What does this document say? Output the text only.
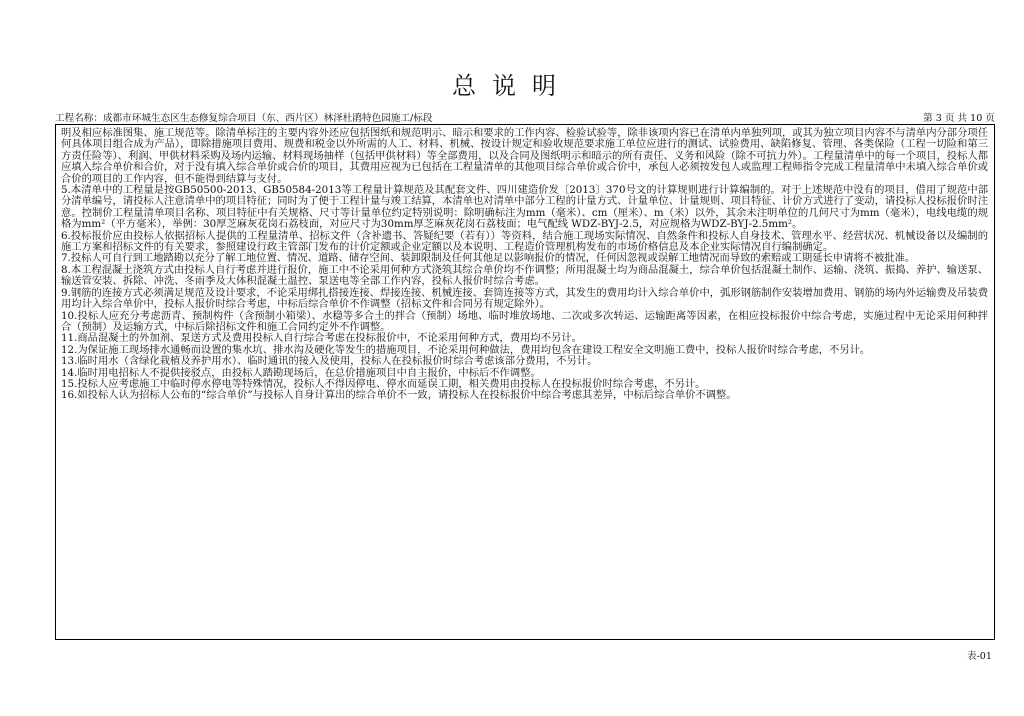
总说明
工程名称：成都市环城生态区生态修复综合项目（东、西片区）林泽杜鹃特色园施工/标段	第 3 页 共 10 页

明及相应标准图集、施工规范等。除清单标注的主要内容外还应包括图纸和规范明示、暗示和要求的工作内容、检验试验等，除非该项内容已在清单内单独列项，或其为独立项目内容不与清单内分部分项任何具体项目组合成为产品），即除措施项目费用、规费和税金以外所需的人工、材料、机械、按设计规定和验收规范要求施工单位应进行的测试、试验费用、缺陷修复、管理、各类保险（工程一切险和第三方责任险等）、利润、甲供材料采购及场内运输、材料现场抽样（包括甲供材料）等全部费用，以及合同及图纸明示和暗示的所有责任、义务和风险（除不可抗力外）。工程量清单中的每一个项目，投标人都应填入综合单价和合价，对于没有填入综合单价或合价的项目，其费用应视为已包括在工程量清单的其他项目综合单价或合价中，承包人必须按发包人或监理工程师指令完成工程量清单中未填入综合单价或合价的项目的工作内容，但不能得到结算与支付。

5.本清单中的工程量是按GB50500-2013、GB50584-2013等工程量计算规范及其配套文件、四川建造价发〔2013〕370号文的计算规则进行计算编制的。对于上述规范中没有的项目，借用了规范中部分清单编号，请投标人注意清单中的项目特征；同时为了便于工程计量与竣工结算，本清单也对清单中部分工程的计量方式、计量单位、计量规则、项目特征、计价方式进行了变动，请投标人投标报价时注意。控制价工程量清单项目名称、项目特征中有关规格、尺寸等计量单位约定特别说明：除明确标注为mm（毫米）、cm（厘米）、m（米）以外，其余未注明单位的几何尺寸为mm（毫米），电线电缆的规格为mm²（平方毫米），举例：30厚芝麻灰花岗石荔枝面，对应尺寸为30mm厚芝麻灰花岗石荔枝面；电气配线 WDZ-BYJ-2.5，对应规格为WDZ-BYJ-2.5mm²。

6.投标报价应由投标人依据招标人提供的工程量清单、招标文件（含补遗书、答疑纪要（若有））等资料，结合施工现场实际情况、自然条件和投标人自身技术、管理水平、经营状况、机械设备以及编制的施工方案和招标文件的有关要求，参照建设行政主管部门发布的计价定额或企业定额以及本说明、工程造价管理机构发布的市场价格信息及本企业实际情况自行编制确定。

7.投标人可自行到工地踏勘以充分了解工地位置、情况、道路、储存空间、装卸限制及任何其他足以影响报价的情况，任何因忽视或误解工地情况而导致的索赔或工期延长申请将不被批准。

8.本工程混凝土浇筑方式由投标人自行考虑并进行报价，施工中不论采用何种方式浇筑其综合单价均不作调整；所用混凝土均为商品混凝土，综合单价包括混凝土制作、运输、浇筑、振捣、养护、输送泵、输送管安装、拆除、冲洗、冬雨季及大体积混凝土温控、泵送电等全部工作内容，投标人报价时综合考虑。

9.钢筋的连接方式必须满足规范及设计要求，不论采用绑扎搭接连接、焊接连接、机械连接、套筒连接等方式，其发生的费用均计入综合单价中，弧形钢筋制作安装增加费用、钢筋的场内外运输费及吊装费用均计入综合单价中，投标人报价时综合考虑，中标后综合单价不作调整（招标文件和合同另有规定除外）。

10.投标人应充分考虑沥青、预制构件（含预制小箱梁）、水稳等多合土的拌合（预制）场地、临时堆放场地、二次或多次转运、运输距离等因素，在相应投标报价中综合考虑，实施过程中无论采用何种拌合（预制）及运输方式，中标后除招标文件和施工合同约定外不作调整。

11.商品混凝土的外加剂、泵送方式及费用投标人自行综合考虑在投标报价中，不论采用何种方式，费用均不另计。

12.为保证施工现场排水通畅而设置的集水坑、排水沟及硬化等发生的措施项目，不论采用何种做法，费用均包含在建设工程安全文明施工费中，投标人报价时综合考虑，不另计。

13.临时用水（含绿化栽植及养护用水）、临时通讯的接入及使用，投标人在投标报价时综合考虑该部分费用，不另计。

14.临时用电招标人不提供接驳点，由投标人踏勘现场后，在总价措施项目中自主报价，中标后不作调整。

15.投标人应考虑施工中临时停水停电等特殊情况，投标人不得因停电、停水而延误工期，相关费用由投标人在投标报价时综合考虑，不另计。

16.如投标人认为招标人公布的“综合单价”与投标人自身计算出的综合单价不一致，请投标人在投标报价中综合考虑其差异，中标后综合单价不调整。

表-01
